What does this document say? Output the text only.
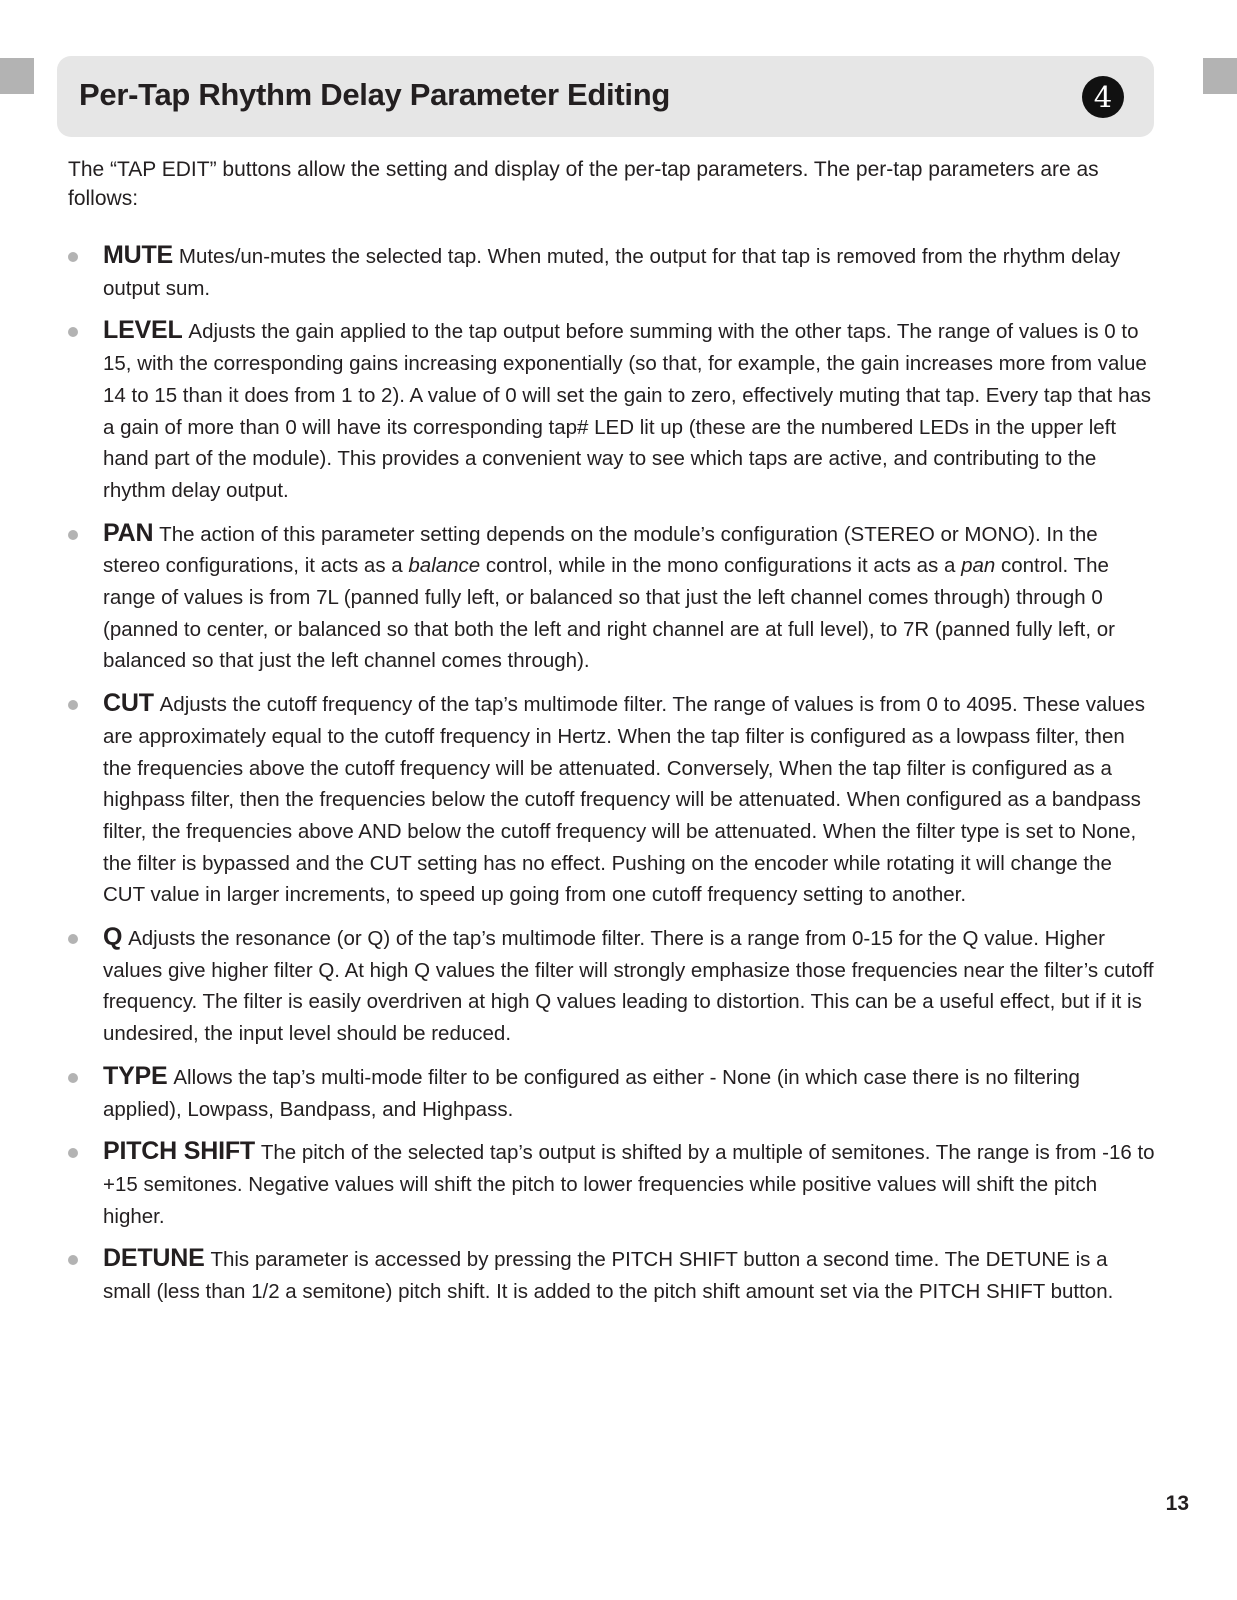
Per-Tap Rhythm Delay Parameter Editing	4

The “TAP EDIT” buttons allow the setting and display of the per-tap parameters. The per-tap parameters are as follows:

MUTE Mutes/un-mutes the selected tap. When muted, the output for that tap is removed from the rhythm delay output sum.
LEVEL Adjusts the gain applied to the tap output before summing with the other taps. The range of values is 0 to 15, with the corresponding gains increasing exponentially (so that, for example, the gain increases more from value 14 to 15 than it does from 1 to 2). A value of 0 will set the gain to zero, effectively muting that tap. Every tap that has a gain of more than 0 will have its corresponding tap# LED lit up (these are the numbered LEDs in the upper left hand part of the module). This provides a convenient way to see which taps are active, and contributing to the rhythm delay output.
PAN The action of this parameter setting depends on the module’s configuration (STEREO or MONO). In the stereo configurations, it acts as a balance control, while in the mono configurations it acts as a pan control. The range of values is from 7L (panned fully left, or balanced so that just the left channel comes through) through 0 (panned to center, or balanced so that both the left and right channel are at full level), to 7R (panned fully left, or balanced so that just the left channel comes through).
CUT Adjusts the cutoff frequency of the tap’s multimode filter. The range of values is from 0 to 4095. These values are approximately equal to the cutoff frequency in Hertz. When the tap filter is configured as a lowpass filter, then the frequencies above the cutoff frequency will be attenuated. Conversely, When the tap filter is configured as a highpass filter, then the frequencies below the cutoff frequency will be attenuated. When configured as a bandpass filter, the frequencies above AND below the cutoff frequency will be attenuated. When the filter type is set to None, the filter is bypassed and the CUT setting has no effect. Pushing on the encoder while rotating it will change the CUT value in larger increments, to speed up going from one cutoff frequency setting to another.
Q Adjusts the resonance (or Q) of the tap’s multimode filter. There is a range from 0-15 for the Q value. Higher values give higher filter Q. At high Q values the filter will strongly emphasize those frequencies near the filter’s cutoff frequency. The filter is easily overdriven at high Q values leading to distortion. This can be a useful effect, but if it is undesired, the input level should be reduced.
TYPE Allows the tap’s multi-mode filter to be configured as either - None (in which case there is no filtering applied), Lowpass, Bandpass, and Highpass.
PITCH SHIFT The pitch of the selected tap’s output is shifted by a multiple of semitones. The range is from -16 to +15 semitones. Negative values will shift the pitch to lower frequencies while positive values will shift the pitch higher.
DETUNE This parameter is accessed by pressing the PITCH SHIFT button a second time. The DETUNE is a small (less than 1/2 a semitone) pitch shift. It is added to the pitch shift amount set via the PITCH SHIFT button.
13
